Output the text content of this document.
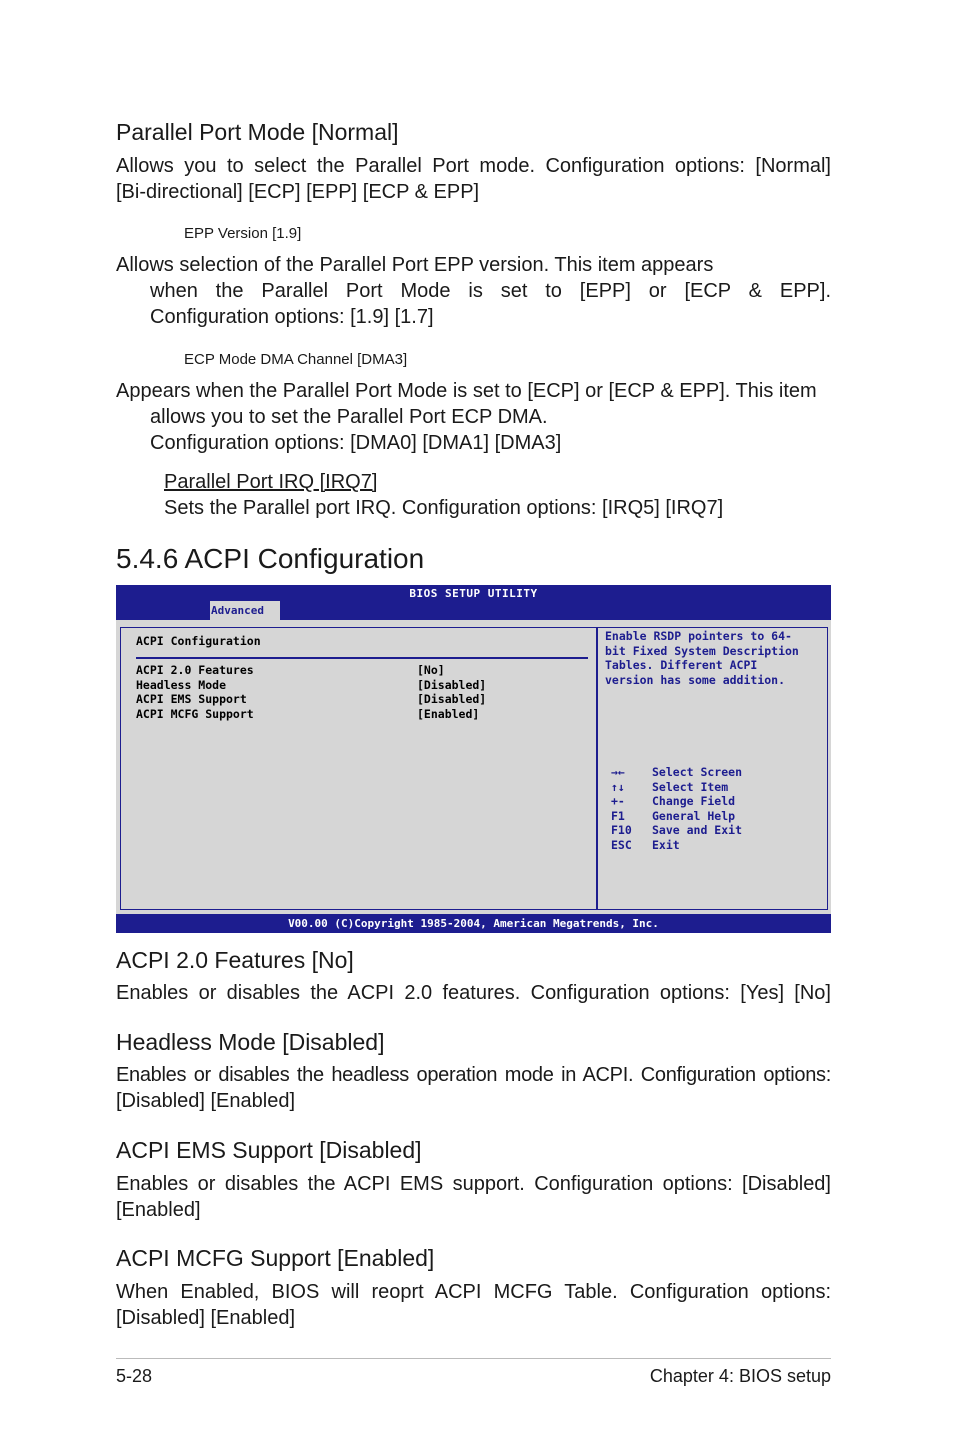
Parallel Port Mode [Normal]
Allows you to select the Parallel Port mode. Configuration options: [Normal]
[Bi-directional] [ECP] [EPP] [ECP & EPP]
EPP Version [1.9]
Allows selection of the Parallel Port EPP version. This item appears
when the Parallel Port Mode is set to [EPP] or [ECP & EPP].
Configuration options: [1.9] [1.7]
ECP Mode DMA Channel [DMA3]
Appears when the Parallel Port Mode is set to [ECP] or [ECP & EPP]. This item
allows you to set the Parallel Port ECP DMA.
Configuration options: [DMA0] [DMA1] [DMA3]
Parallel Port IRQ [IRQ7]
Sets the Parallel port IRQ. Configuration options: [IRQ5] [IRQ7]
5.4.6 ACPI Configuration
BIOS SETUP UTILITY
Advanced
ACPI Configuration
ACPI 2.0 Features	[No]
Headless Mode	[Disabled]
ACPI EMS Support	[Disabled]
ACPI MCFG Support	[Enabled]
Enable RSDP pointers to 64-
bit Fixed System Description
Tables. Different ACPI
version has some addition.
→← Select Screen
↑↓ Select Item
+- Change Field
F1 General Help
F10 Save and Exit
ESC Exit
V00.00 (C)Copyright 1985-2004, American Megatrends, Inc.
ACPI 2.0 Features [No]
Enables or disables the ACPI 2.0 features. Configuration options: [Yes] [No]
Headless Mode [Disabled]
Enables or disables the headless operation mode in ACPI. Configuration options:
[Disabled] [Enabled]
ACPI EMS Support [Disabled]
Enables or disables the ACPI EMS support. Configuration options: [Disabled]
[Enabled]
ACPI MCFG Support [Enabled]
When Enabled, BIOS will reoprt ACPI MCFG Table. Configuration options:
[Disabled] [Enabled]
5-28	Chapter 4: BIOS setup
